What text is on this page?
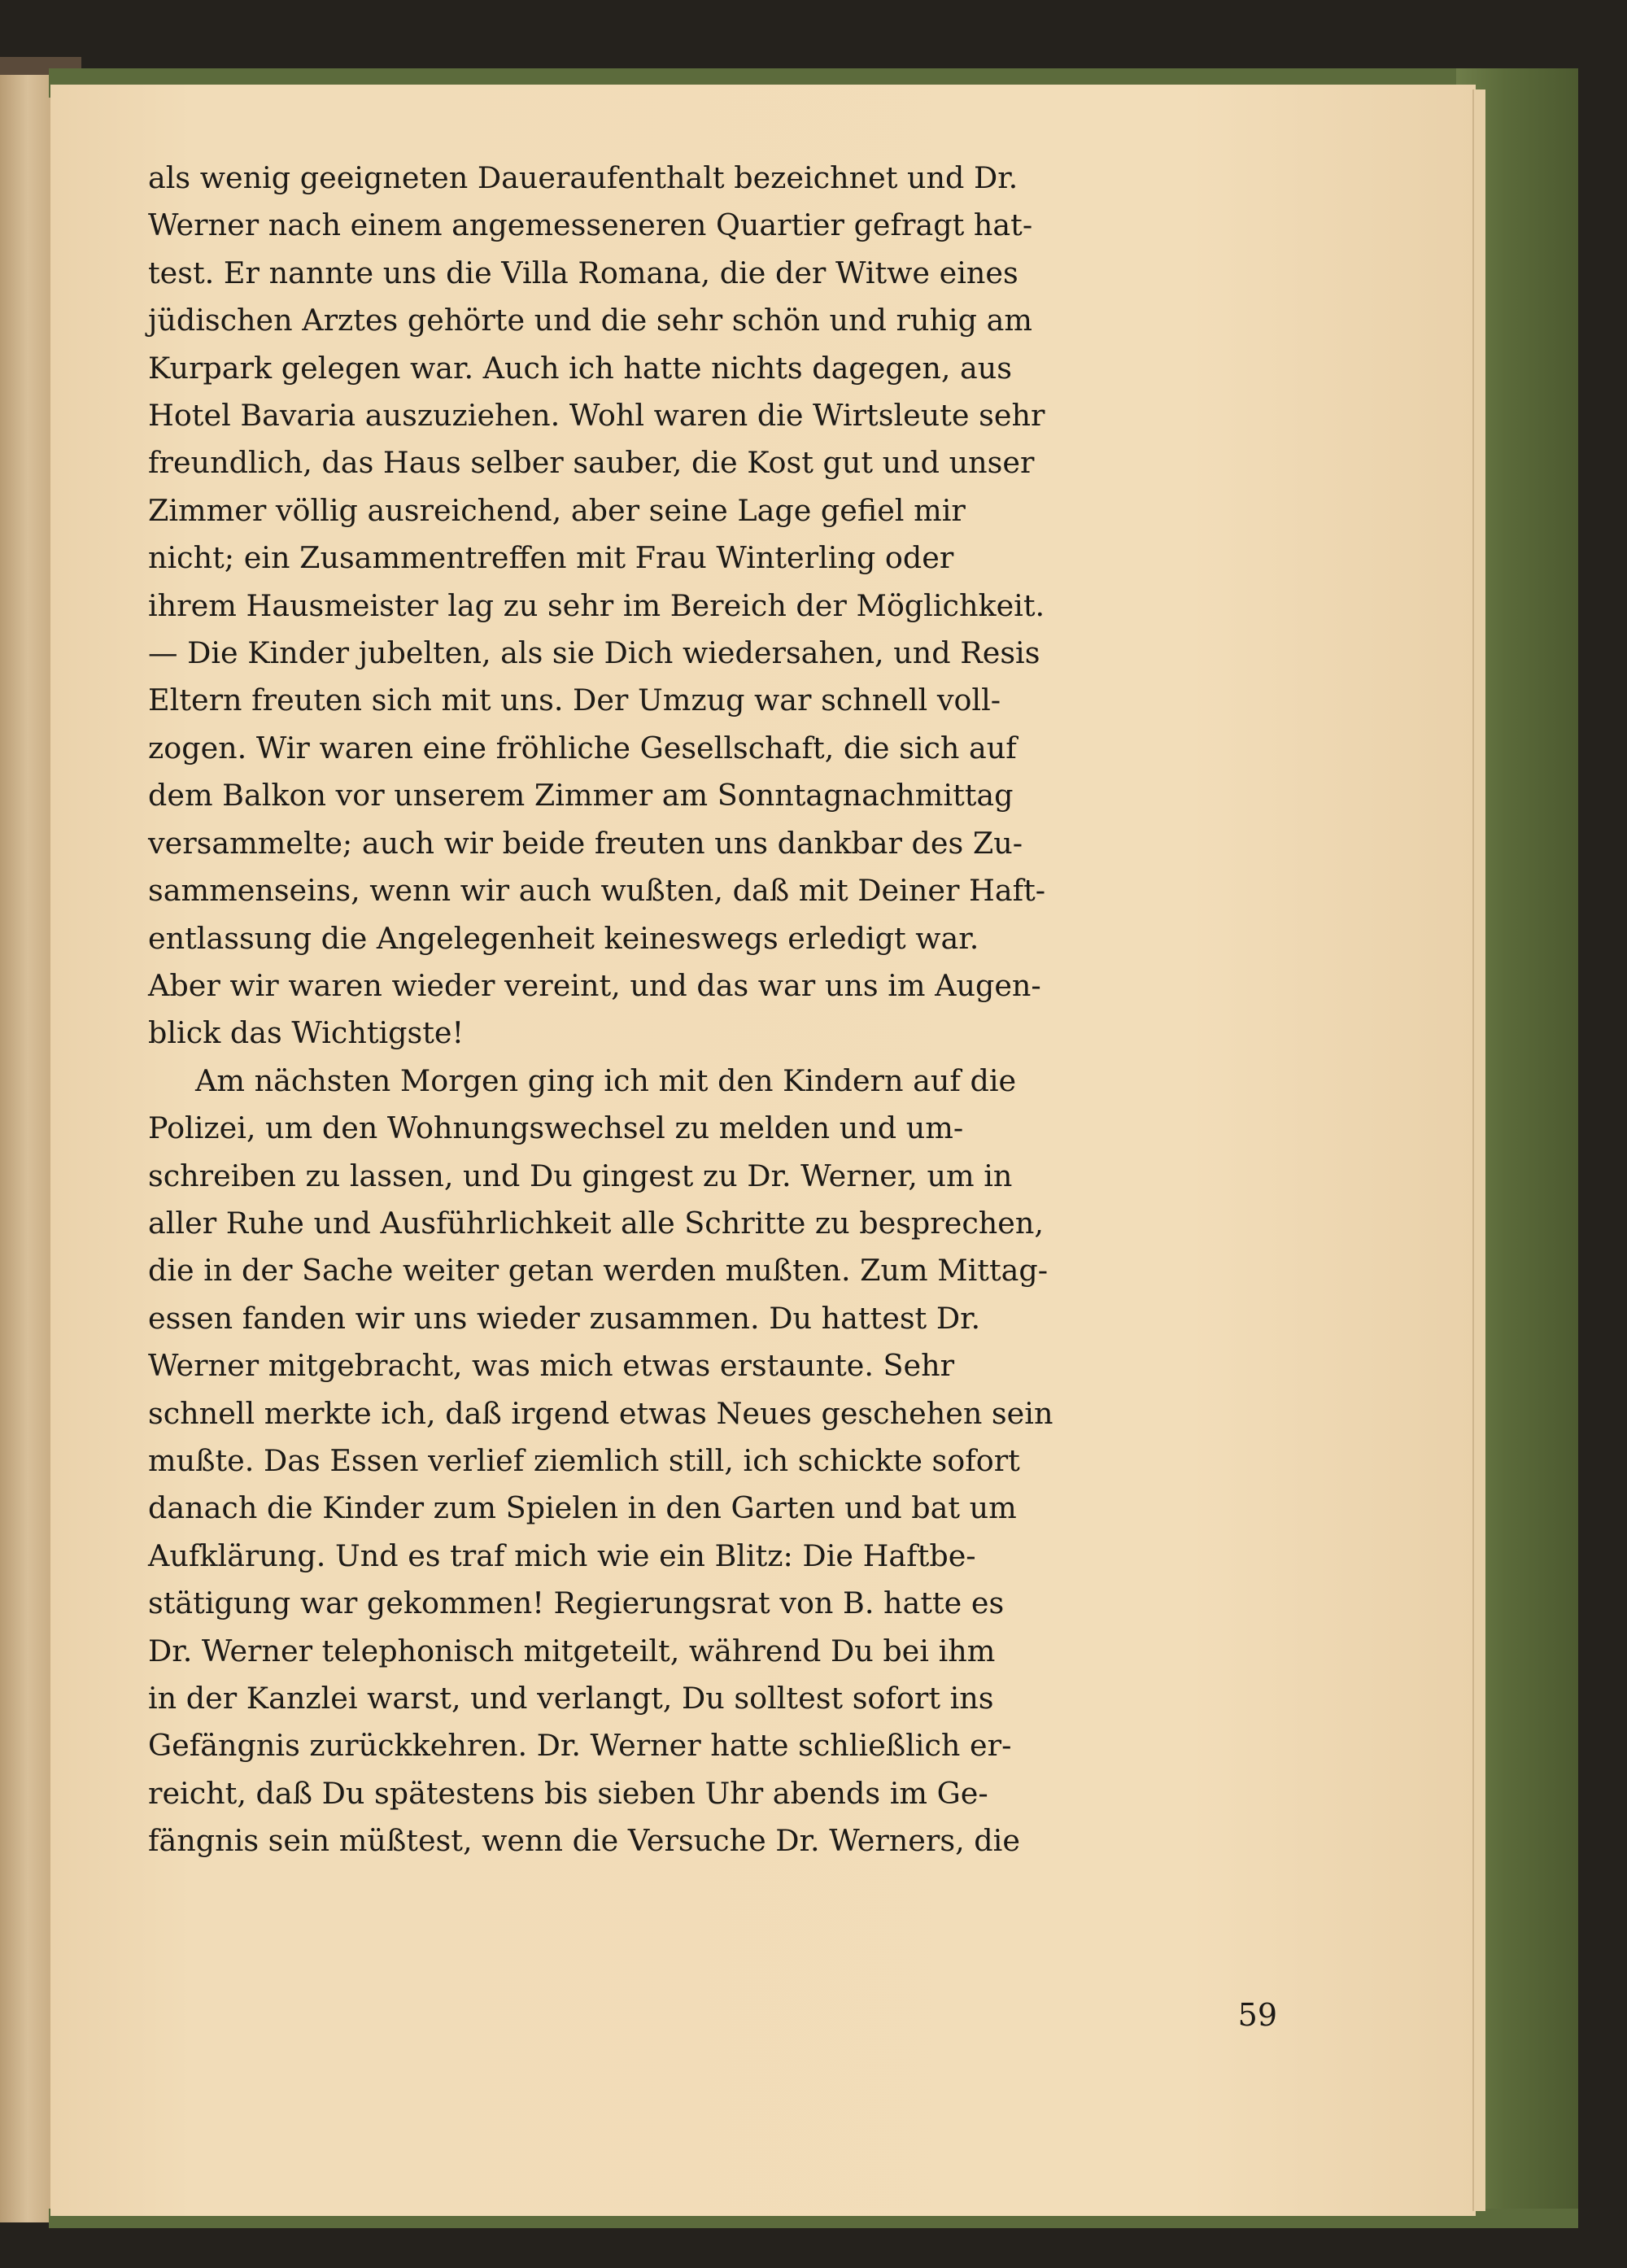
als wenig geeigneten Daueraufenthalt bezeichnet und Dr.
Werner nach einem angemesseneren Quartier gefragt hat-
test. Er nannte uns die Villa Romana, die der Witwe eines
jüdischen Arztes gehörte und die sehr schön und ruhig am
Kurpark gelegen war. Auch ich hatte nichts dagegen, aus
Hotel Bavaria auszuziehen. Wohl waren die Wirtsleute sehr
freundlich, das Haus selber sauber, die Kost gut und unser
Zimmer völlig ausreichend, aber seine Lage gefiel mir
nicht; ein Zusammentreffen mit Frau Winterling oder
ihrem Hausmeister lag zu sehr im Bereich der Möglichkeit.
— Die Kinder jubelten, als sie Dich wiedersahen, und Resis
Eltern freuten sich mit uns. Der Umzug war schnell voll-
zogen. Wir waren eine fröhliche Gesellschaft, die sich auf
dem Balkon vor unserem Zimmer am Sonntagnachmittag
versammelte; auch wir beide freuten uns dankbar des Zu-
sammenseins, wenn wir auch wußten, daß mit Deiner Haft-
entlassung die Angelegenheit keineswegs erledigt war.
Aber wir waren wieder vereint, und das war uns im Augen-
blick das Wichtigste!
Am nächsten Morgen ging ich mit den Kindern auf die
Polizei, um den Wohnungswechsel zu melden und um-
schreiben zu lassen, und Du gingest zu Dr. Werner, um in
aller Ruhe und Ausführlichkeit alle Schritte zu besprechen,
die in der Sache weiter getan werden mußten. Zum Mittag-
essen fanden wir uns wieder zusammen. Du hattest Dr.
Werner mitgebracht, was mich etwas erstaunte. Sehr
schnell merkte ich, daß irgend etwas Neues geschehen sein
mußte. Das Essen verlief ziemlich still, ich schickte sofort
danach die Kinder zum Spielen in den Garten und bat um
Aufklärung. Und es traf mich wie ein Blitz: Die Haftbe-
stätigung war gekommen! Regierungsrat von B. hatte es
Dr. Werner telephonisch mitgeteilt, während Du bei ihm
in der Kanzlei warst, und verlangt, Du solltest sofort ins
Gefängnis zurückkehren. Dr. Werner hatte schließlich er-
reicht, daß Du spätestens bis sieben Uhr abends im Ge-
fängnis sein müßtest, wenn die Versuche Dr. Werners, die
59
